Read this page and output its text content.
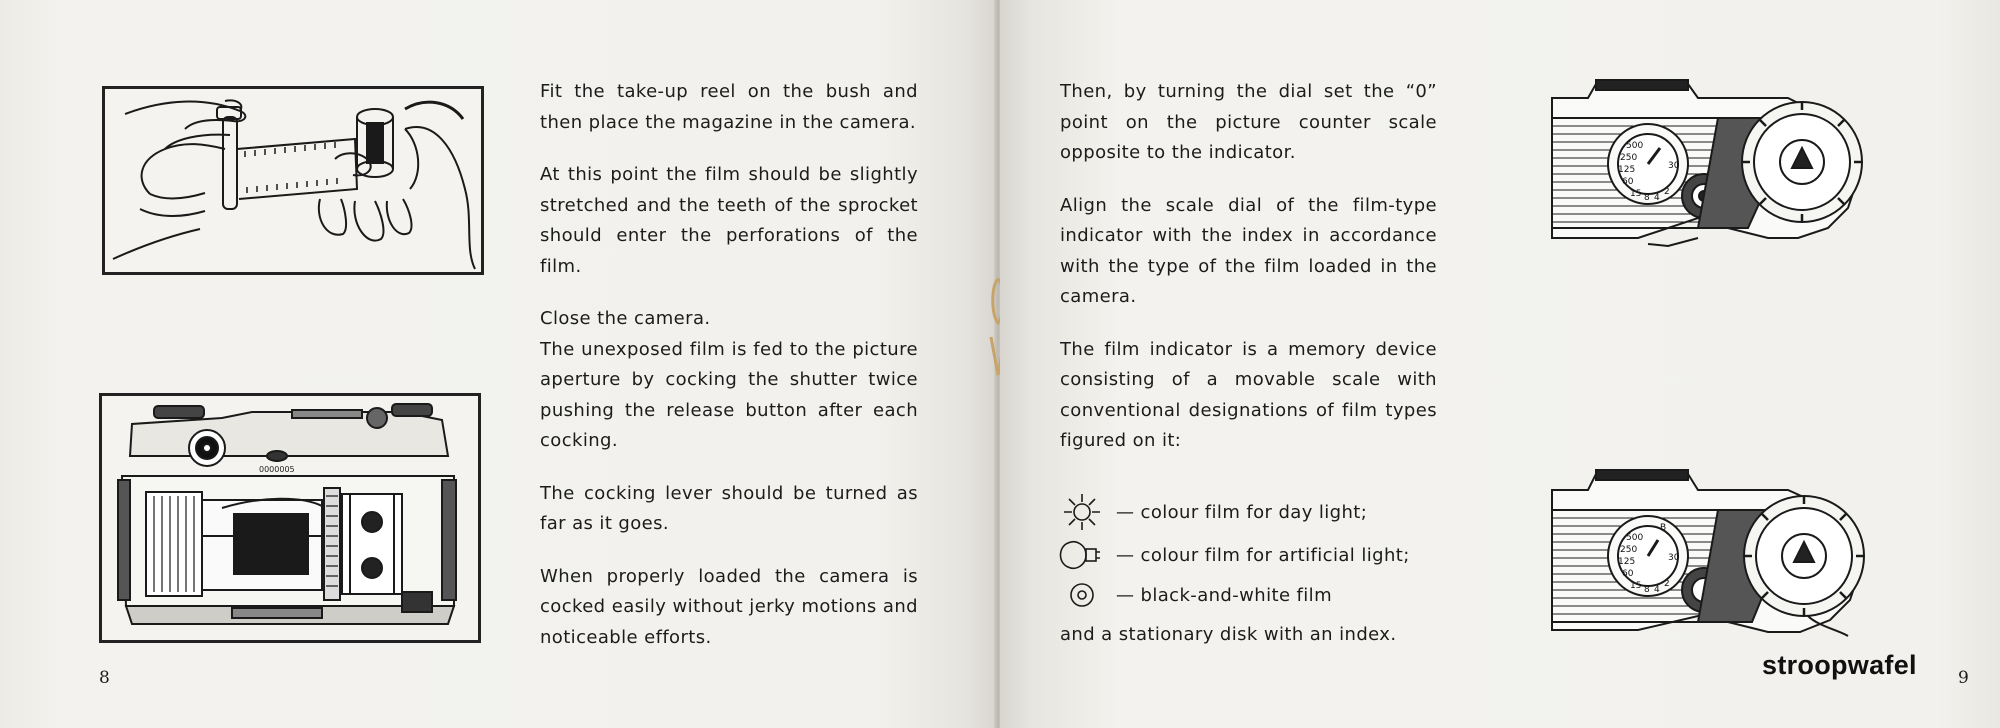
0000005

Fit the take-up reel on the bush and then place the magazine in the camera.

At this point the film should be slightly stretched and the teeth of the sprocket should enter the perforations of the film.

Close the camera.

The unexposed film is fed to the picture aperture by cocking the shutter twice pushing the release button after each cocking.

The cocking lever should be turned as far as it goes.

When properly loaded the camera is cocked easily without jerky motions and noticeable efforts.

8

Then, by turning the dial set the “0” point on the picture counter scale opposite to the indicator.

Align the scale dial of the film-type indicator with the index in accordance with the type of the film loaded in the camera.

The film indicator is a memory device consisting of a movable scale with conventional designations of film types figured on it:

— colour film for day light;
— colour film for artificial light;
— black-and-white film
and a stationary disk with an index.
500
250
125
60
15 8 4
2
30
500
250
125
60
15 8 4
2
30
B
9
stroopwafel
